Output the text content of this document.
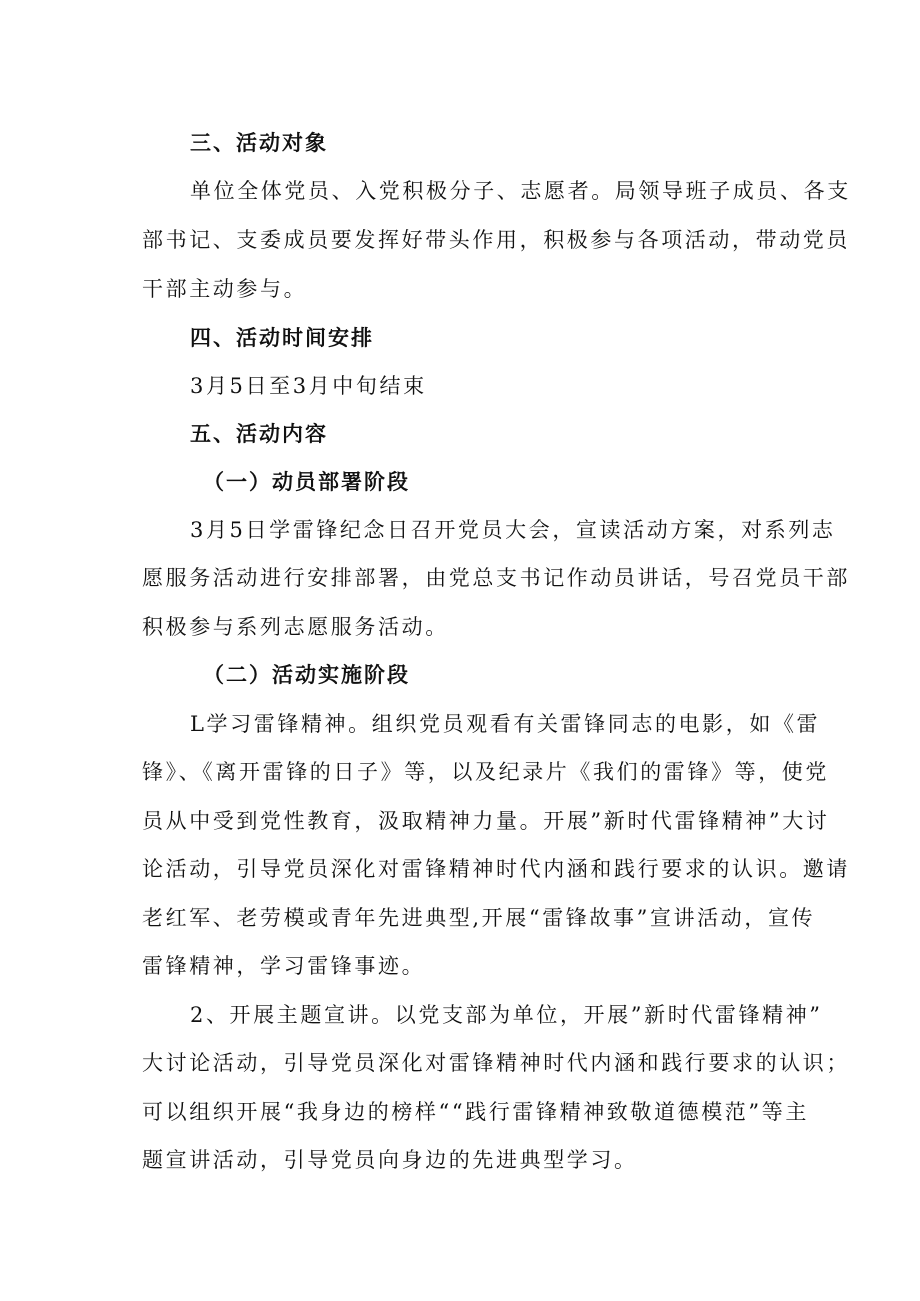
三、活动对象
单位全体党员、入党积极分子、志愿者。局领导班子成员、各支
部书记、支委成员要发挥好带头作用，积极参与各项活动，带动党员
干部主动参与。
四、活动时间安排
3月5日至3月中旬结束
五、活动内容
（一）动员部署阶段
3月5日学雷锋纪念日召开党员大会，宣读活动方案，对系列志
愿服务活动进行安排部署，由党总支书记作动员讲话，号召党员干部
积极参与系列志愿服务活动。
（二）活动实施阶段
L学习雷锋精神。组织党员观看有关雷锋同志的电影，如《雷
锋》、《离开雷锋的日子》等，以及纪录片《我们的雷锋》等，使党
员从中受到党性教育，汲取精神力量。开展”新时代雷锋精神”大讨
论活动，引导党员深化对雷锋精神时代内涵和践行要求的认识。邀请
老红军、老劳模或青年先进典型,开展“雷锋故事”宣讲活动，宣传
雷锋精神，学习雷锋事迹。
2、开展主题宣讲。以党支部为单位，开展”新时代雷锋精神”
大讨论活动，引导党员深化对雷锋精神时代内涵和践行要求的认识；
可以组织开展“我身边的榜样““践行雷锋精神致敬道德模范”等主
题宣讲活动，引导党员向身边的先进典型学习。
